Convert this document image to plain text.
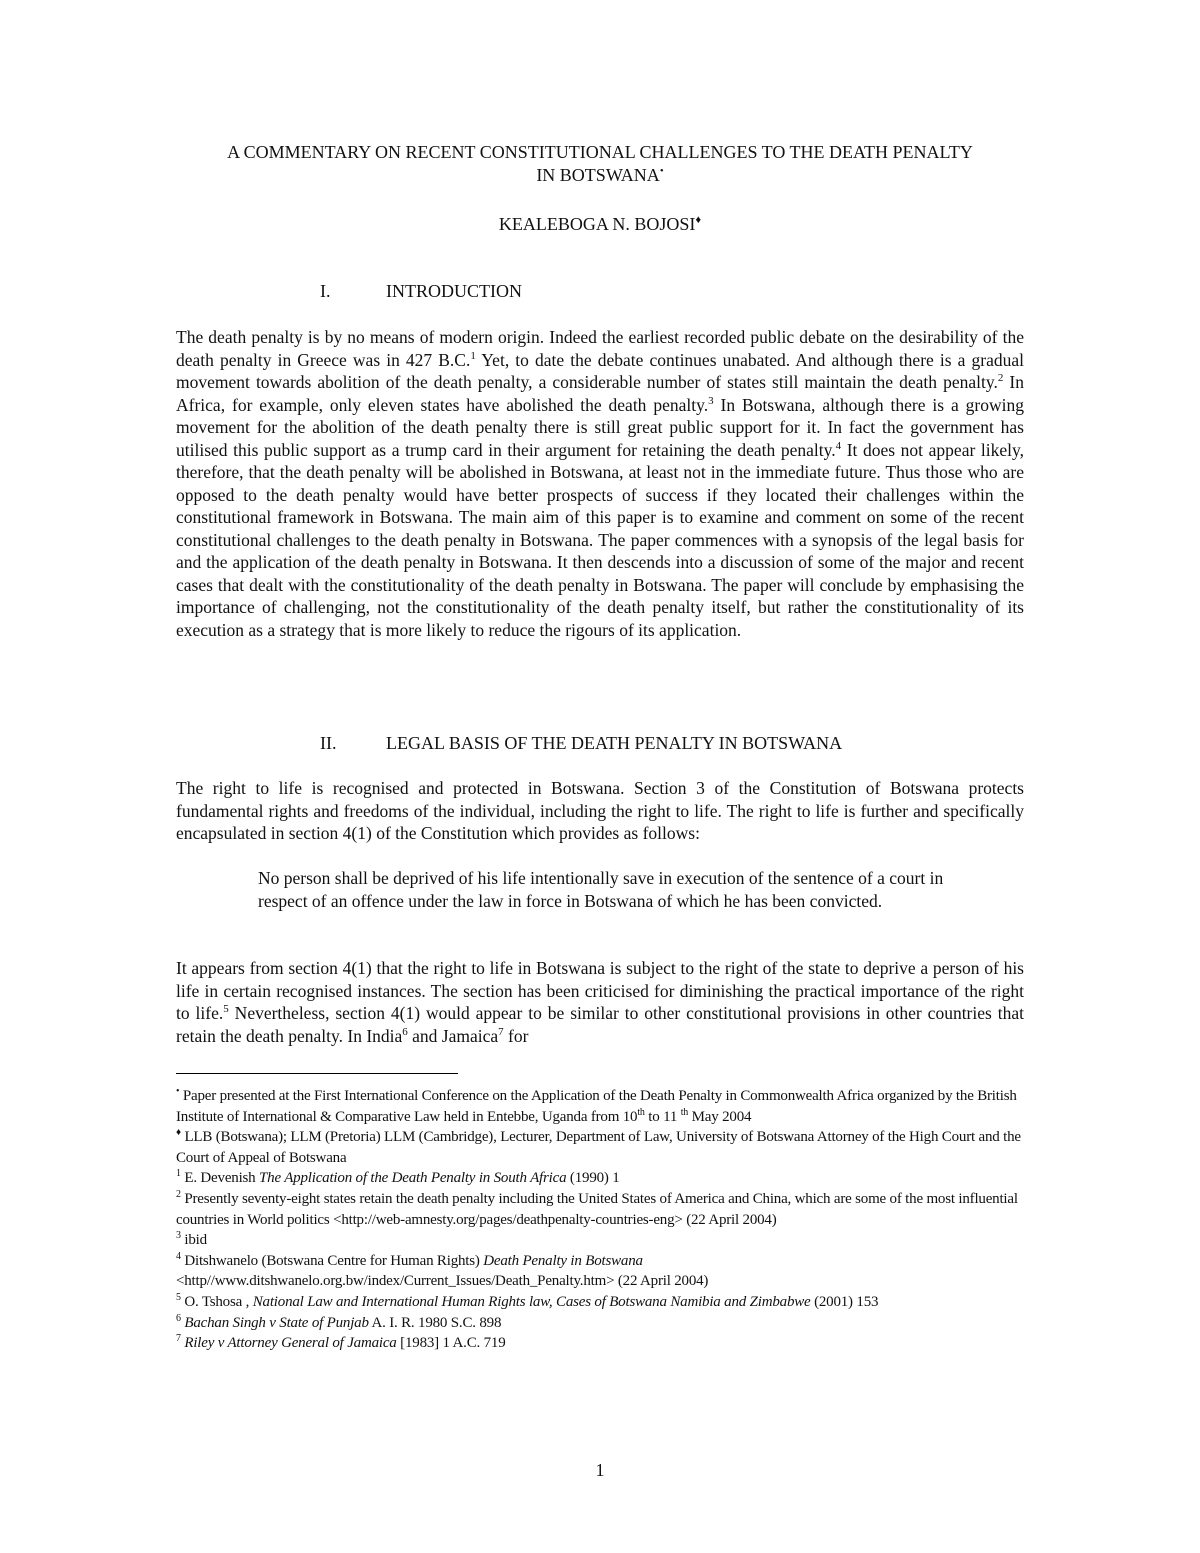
A COMMENTARY ON RECENT CONSTITUTIONAL CHALLENGES TO THE DEATH PENALTY
IN BOTSWANA•
KEALEBOGA N. BOJOSI♦
I.	INTRODUCTION
The death penalty is by no means of modern origin. Indeed the earliest recorded public debate on the desirability of the death penalty in Greece was in 427 B.C.$^1$ Yet, to date the debate continues unabated. And although there is a gradual movement towards abolition of the death penalty, a considerable number of states still maintain the death penalty.$^2$ In Africa, for example, only eleven states have abolished the death penalty.$^3$ In Botswana, although there is a growing movement for the abolition of the death penalty there is still great public support for it. In fact the government has utilised this public support as a trump card in their argument for retaining the death penalty.$^4$ It does not appear likely, therefore, that the death penalty will be abolished in Botswana, at least not in the immediate future. Thus those who are opposed to the death penalty would have better prospects of success if they located their challenges within the constitutional framework in Botswana. The main aim of this paper is to examine and comment on some of the recent constitutional challenges to the death penalty in Botswana. The paper commences with a synopsis of the legal basis for and the application of the death penalty in Botswana. It then descends into a discussion of some of the major and recent cases that dealt with the constitutionality of the death penalty in Botswana. The paper will conclude by emphasising the importance of challenging, not the constitutionality of the death penalty itself, but rather the constitutionality of its execution as a strategy that is more likely to reduce the rigours of its application.
II.	LEGAL BASIS OF THE DEATH PENALTY IN BOTSWANA
The right to life is recognised and protected in Botswana. Section 3 of the Constitution of Botswana protects fundamental rights and freedoms of the individual, including the right to life. The right to life is further and specifically encapsulated in section 4(1) of the Constitution which provides as follows:
No person shall be deprived of his life intentionally save in execution of the sentence of a court in respect of an offence under the law in force in Botswana of which he has been convicted.
It appears from section 4(1) that the right to life in Botswana is subject to the right of the state to deprive a person of his life in certain recognised instances. The section has been criticised for diminishing the practical importance of the right to life.$^5$ Nevertheless, section 4(1) would appear to be similar to other constitutional provisions in other countries that retain the death penalty. In India$^6$ and Jamaica$^7$ for

• Paper presented at the First International Conference on the Application of the Death Penalty in Commonwealth Africa organized by the British Institute of International & Comparative Law held in Entebbe, Uganda from 10th to 11 $^{th}$ May 2004

♦ LLB (Botswana); LLM (Pretoria) LLM (Cambridge), Lecturer, Department of Law, University of Botswana Attorney of the High Court and the Court of Appeal of Botswana

$^1$ E. Devenish The Application of the Death Penalty in South Africa (1990) 1

$^2$ Presently seventy-eight states retain the death penalty including the United States of America and China, which are some of the most influential countries in World politics <http://web-amnesty.org/pages/deathpenalty-countries-eng> (22 April 2004)

$^3$ ibid

$^4$ Ditshwanelo (Botswana Centre for Human Rights) Death Penalty in Botswana
<http//www.ditshwanelo.org.bw/index/Current_Issues/Death_Penalty.htm> (22 April 2004)

$^5$ O. Tshosa , National Law and International Human Rights law, Cases of Botswana Namibia and Zimbabwe (2001) 153

$^6$ Bachan Singh v State of Punjab A. I. R. 1980 S.C. 898

$^7$ Riley v Attorney General of Jamaica [1983] 1 A.C. 719

1
